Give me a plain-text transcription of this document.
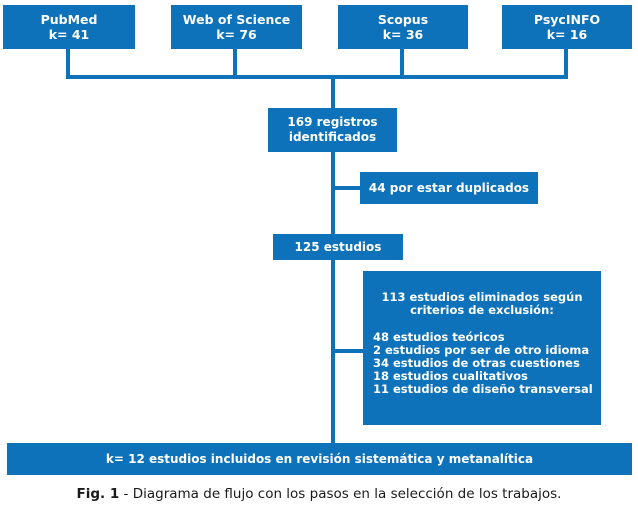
PubMed
k= 41
Web of Science
k= 76
Scopus
k= 36
PsycINFO
k= 16
169 registros
identificados
44 por estar duplicados
125 estudios
113 estudios eliminados según
criterios de exclusión:
48 estudios teóricos
2 estudios por ser de otro idioma
34 estudios de otras cuestiones
18 estudios cualitativos
11 estudios de diseño transversal
k= 12 estudios incluidos en revisión sistemática y metanalítica
Fig. 1 - Diagrama de flujo con los pasos en la selección de los trabajos.
